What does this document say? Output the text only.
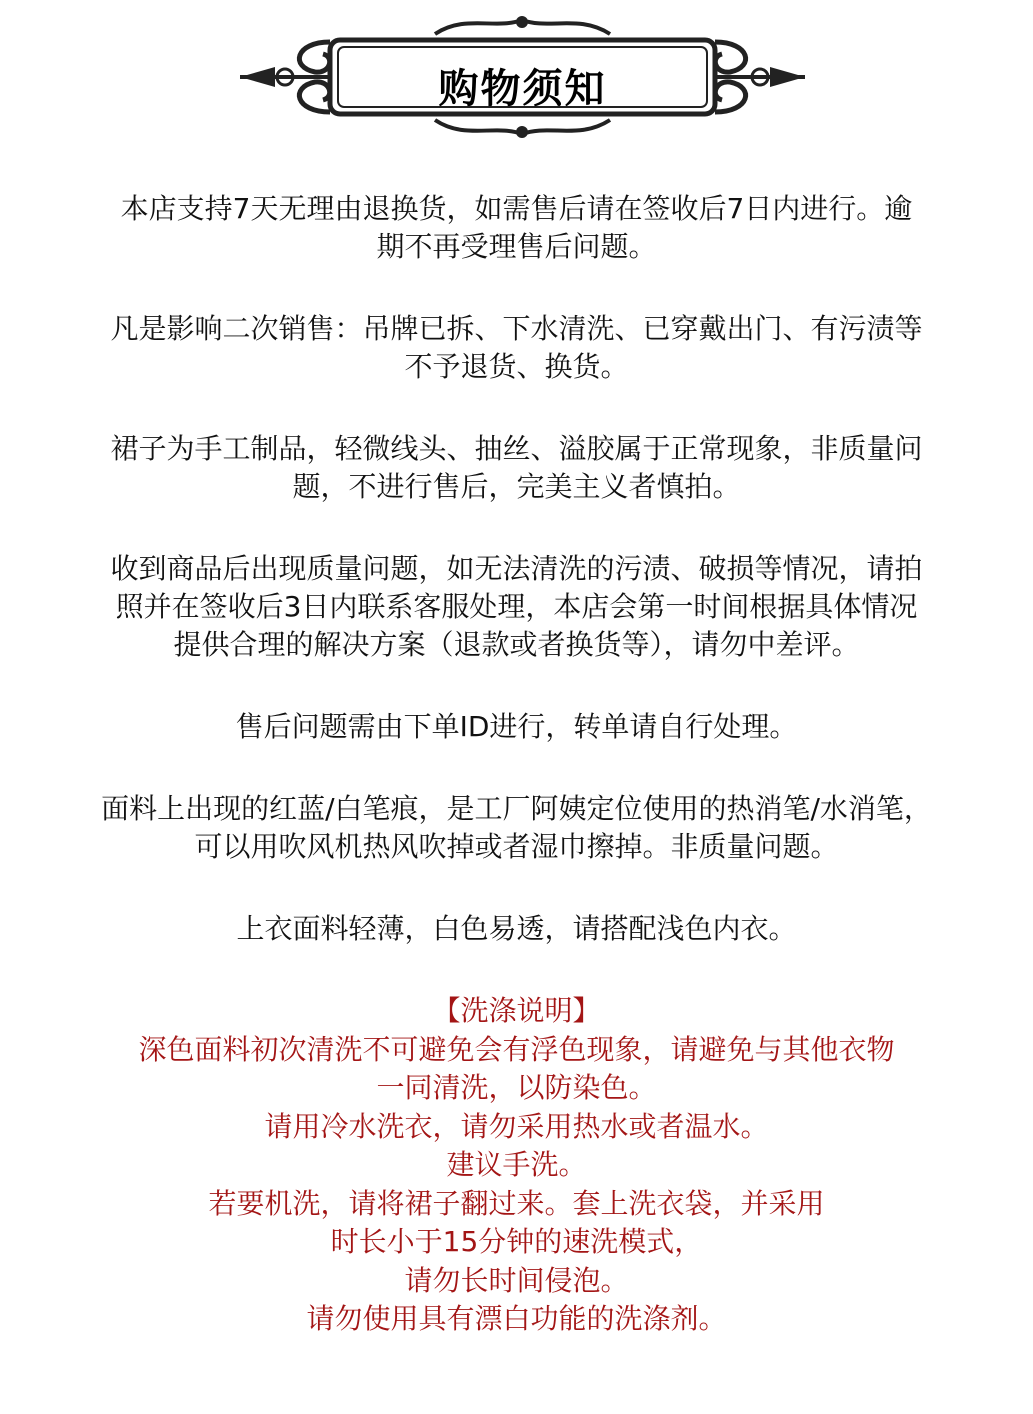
购物须知
本店支持7天无理由退换货，如需售后请在签收后7日内进行。逾
期不再受理售后问题。
凡是影响二次销售：吊牌已拆、下水清洗、已穿戴出门、有污渍等
不予退货、换货。
裙子为手工制品，轻微线头、抽丝、溢胶属于正常现象，非质量问
题，不进行售后，完美主义者慎拍。
收到商品后出现质量问题，如无法清洗的污渍、破损等情况，请拍
照并在签收后3日内联系客服处理，本店会第一时间根据具体情况
提供合理的解决方案（退款或者换货等），请勿中差评。
售后问题需由下单ID进行，转单请自行处理。
面料上出现的红蓝/白笔痕，是工厂阿姨定位使用的热消笔/水消笔，
可以用吹风机热风吹掉或者湿巾擦掉。非质量问题。
上衣面料轻薄，白色易透，请搭配浅色内衣。
【洗涤说明】
深色面料初次清洗不可避免会有浮色现象，请避免与其他衣物
一同清洗，以防染色。
请用冷水洗衣，请勿采用热水或者温水。
建议手洗。
若要机洗，请将裙子翻过来。套上洗衣袋，并采用
时长小于15分钟的速洗模式，
请勿长时间侵泡。
请勿使用具有漂白功能的洗涤剂。
